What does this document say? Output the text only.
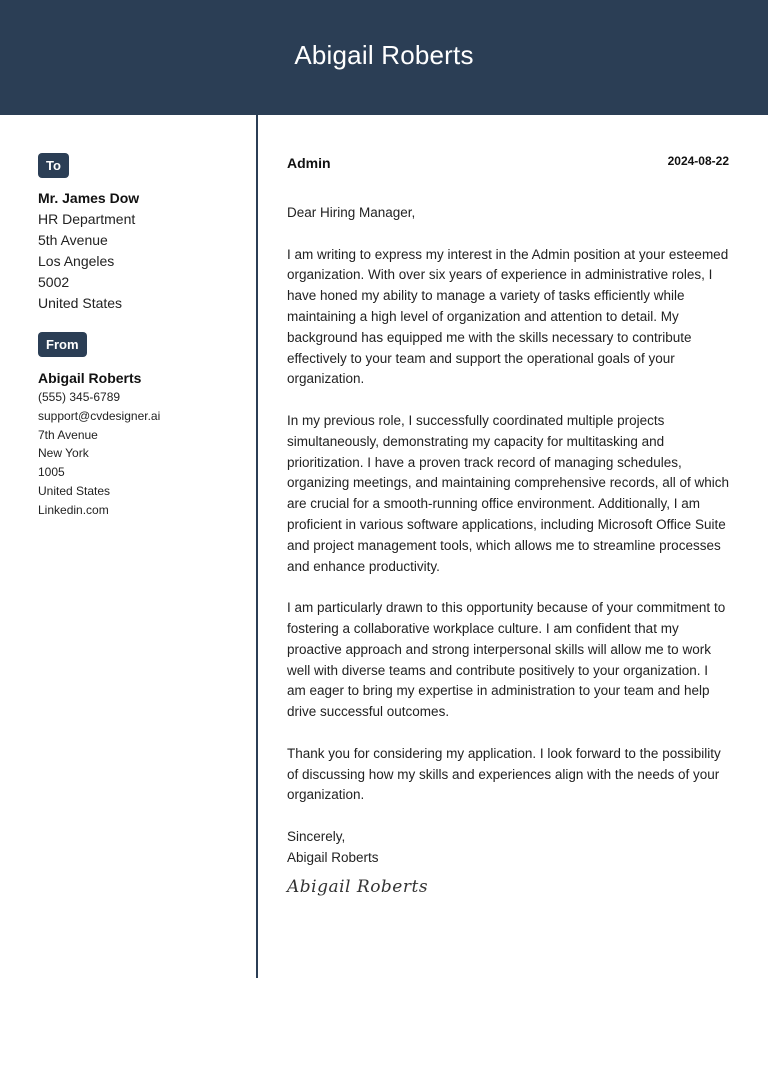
Abigail Roberts
To
Mr. James Dow
HR Department
5th Avenue
Los Angeles
5002
United States
From
Abigail Roberts
(555) 345-6789
support@cvdesigner.ai
7th Avenue
New York
1005
United States
Linkedin.com
Admin	2024-08-22
Dear Hiring Manager,
I am writing to express my interest in the Admin position at your esteemed organization. With over six years of experience in administrative roles, I have honed my ability to manage a variety of tasks efficiently while maintaining a high level of organization and attention to detail. My background has equipped me with the skills necessary to contribute effectively to your team and support the operational goals of your organization.
In my previous role, I successfully coordinated multiple projects simultaneously, demonstrating my capacity for multitasking and prioritization. I have a proven track record of managing schedules, organizing meetings, and maintaining comprehensive records, all of which are crucial for a smooth-running office environment. Additionally, I am proficient in various software applications, including Microsoft Office Suite and project management tools, which allows me to streamline processes and enhance productivity.
I am particularly drawn to this opportunity because of your commitment to fostering a collaborative workplace culture. I am confident that my proactive approach and strong interpersonal skills will allow me to work well with diverse teams and contribute positively to your organization. I am eager to bring my expertise in administration to your team and help drive successful outcomes.
Thank you for considering my application. I look forward to the possibility of discussing how my skills and experiences align with the needs of your organization.
Sincerely,
Abigail Roberts
Abigail Roberts
